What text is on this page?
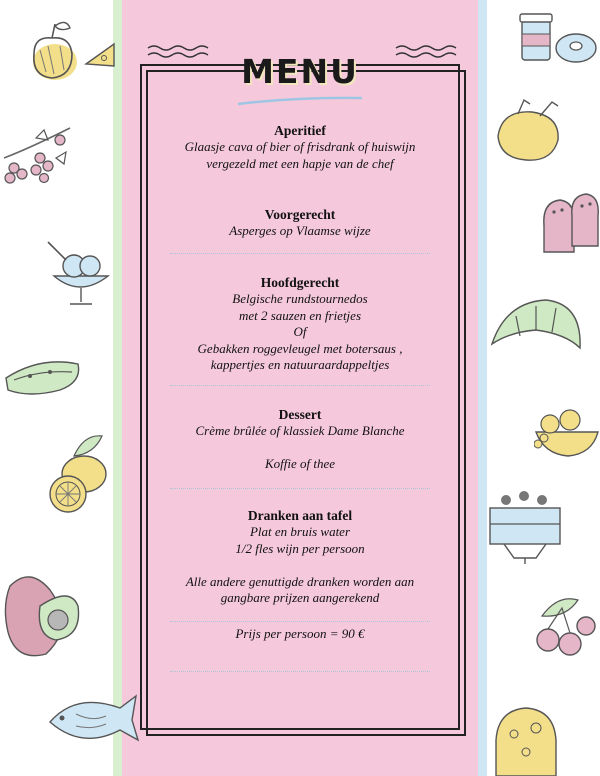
MENU
Aperitief
Glaasje cava of bier of frisdrank of huiswijn
vergezeld met een hapje van de chef
Voorgerecht
Asperges op Vlaamse wijze
Hoofdgerecht
Belgische rundstournedos
met 2 sauzen en frietjes
Of
Gebakken roggevleugel met botersaus ,
kappertjes en natuuraardappeltjes
Dessert
Crème brûlée of klassiek Dame Blanche
Koffie of thee
Dranken aan tafel
Plat en bruis water
1/2 fles wijn per persoon
Alle andere genuttigde dranken worden aan
gangbare prijzen aangerekend
Prijs per persoon = 90 €
